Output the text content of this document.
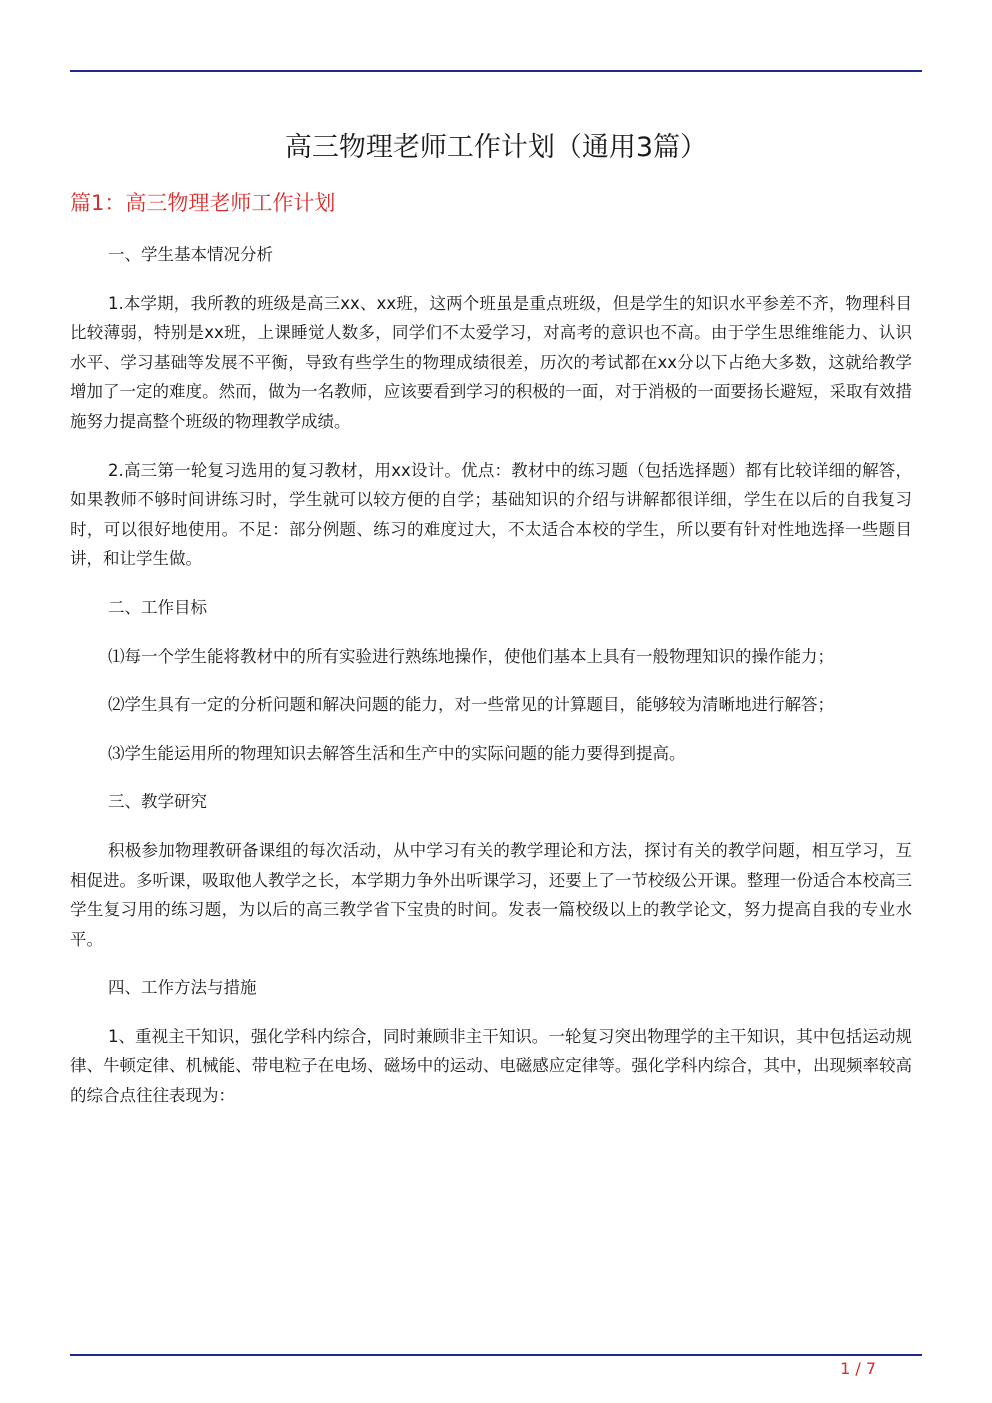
高三物理老师工作计划（通用3篇）
篇1：高三物理老师工作计划

一、学生基本情况分析

1.本学期，我所教的班级是高三xx、xx班，这两个班虽是重点班级，但是学生的知识水平参差不齐，物理科目比较薄弱，特别是xx班，上课睡觉人数多，同学们不太爱学习，对高考的意识也不高。由于学生思维维能力、认识水平、学习基础等发展不平衡，导致有些学生的物理成绩很差，历次的考试都在xx分以下占绝大多数，这就给教学增加了一定的难度。然而，做为一名教师，应该要看到学习的积极的一面，对于消极的一面要扬长避短，采取有效措施努力提高整个班级的物理教学成绩。

2.高三第一轮复习选用的复习教材，用xx设计。优点：教材中的练习题（包括选择题）都有比较详细的解答，如果教师不够时间讲练习时，学生就可以较方便的自学；基础知识的介绍与讲解都很详细，学生在以后的自我复习时，可以很好地使用。不足：部分例题、练习的难度过大，不太适合本校的学生，所以要有针对性地选择一些题目讲，和让学生做。

二、工作目标

⑴每一个学生能将教材中的所有实验进行熟练地操作，使他们基本上具有一般物理知识的操作能力；

⑵学生具有一定的分析问题和解决问题的能力，对一些常见的计算题目，能够较为清晰地进行解答；

⑶学生能运用所的物理知识去解答生活和生产中的实际问题的能力要得到提高。

三、教学研究

积极参加物理教研备课组的每次活动，从中学习有关的教学理论和方法，探讨有关的教学问题，相互学习，互相促进。多听课，吸取他人教学之长，本学期力争外出听课学习，还要上了一节校级公开课。整理一份适合本校高三学生复习用的练习题，为以后的高三教学省下宝贵的时间。发表一篇校级以上的教学论文，努力提高自我的专业水平。

四、工作方法与措施

1、重视主干知识，强化学科内综合，同时兼顾非主干知识。一轮复习突出物理学的主干知识，其中包括运动规律、牛顿定律、机械能、带电粒子在电场、磁场中的运动、电磁感应定律等。强化学科内综合，其中，出现频率较高的综合点往往表现为：

1 / 7
